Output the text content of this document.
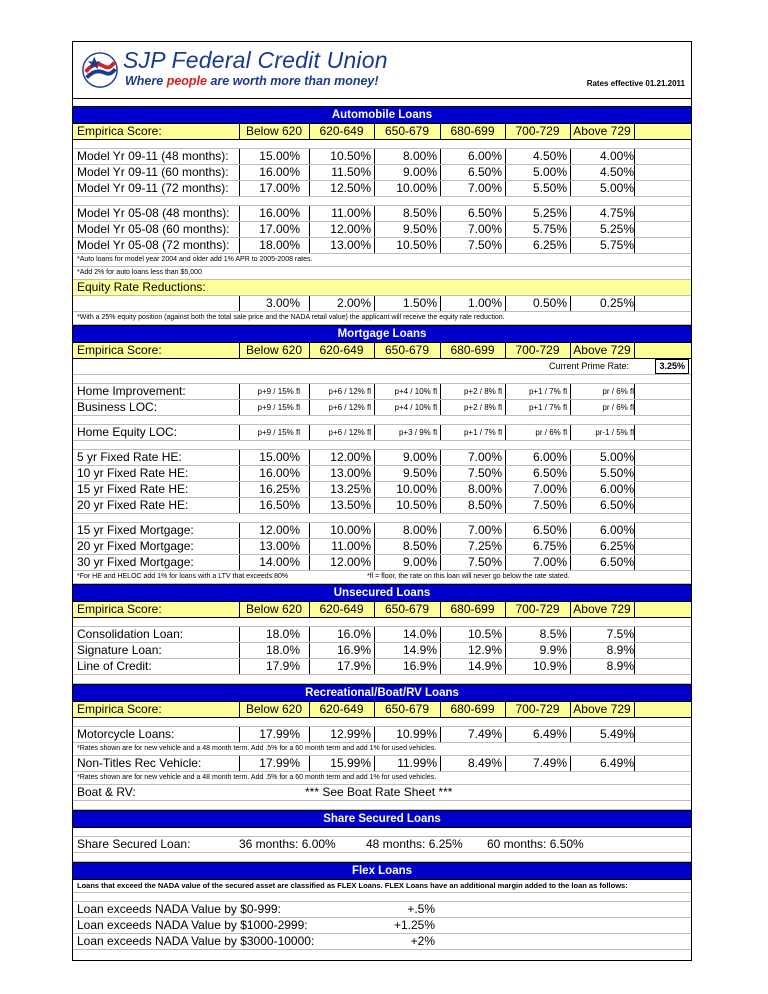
SJP Federal Credit Union
Where people are worth more than money!	Rates effective 01.21.2011
Automobile Loans
Empirica Score:	Below 620	620-649	650-679	680-699	700-729	Above 729
Model Yr 09-11 (48 months):	15.00%	10.50%	8.00%	6.00%	4.50%	4.00%
Model Yr 09-11 (60 months):	16.00%	11.50%	9.00%	6.50%	5.00%	4.50%
Model Yr 09-11 (72 months):	17.00%	12.50%	10.00%	7.00%	5.50%	5.00%
Model Yr 05-08 (48 months):	16.00%	11.00%	8.50%	6.50%	5.25%	4.75%
Model Yr 05-08 (60 months):	17.00%	12.00%	9.50%	7.00%	5.75%	5.25%
Model Yr 05-08 (72 months):	18.00%	13.00%	10.50%	7.50%	6.25%	5.75%
*Auto loans for model year 2004 and older add 1% APR to 2005-2008 rates.
*Add 2% for auto loans less than $5,000
Equity Rate Reductions:
3.00%	2.00%	1.50%	1.00%	0.50%	0.25%
*With a 25% equity position (against both the total sale price and the NADA retail value) the applicant will receive the equity rate reduction.
Mortgage Loans
Empirica Score:	Below 620	620-649	650-679	680-699	700-729	Above 729
Current Prime Rate:	3.25%
Home Improvement:	p+9 / 15% fl	p+6 / 12% fl	p+4 / 10% fl	p+2 / 8% fl	p+1 / 7% fl	pr / 6% fl
Business LOC:	p+9 / 15% fl	p+6 / 12% fl	p+4 / 10% fl	p+2 / 8% fl	p+1 / 7% fl	pr / 6% fl
Home Equity LOC:	p+9 / 15% fl	p+6 / 12% fl	p+3 / 9% fl	p+1 / 7% fl	pr / 6% fl	pr-1 / 5% fl
5 yr Fixed Rate HE:	15.00%	12.00%	9.00%	7.00%	6.00%	5.00%
10 yr Fixed Rate HE:	16.00%	13.00%	9.50%	7.50%	6.50%	5.50%
15 yr Fixed Rate HE:	16.25%	13.25%	10.00%	8.00%	7.00%	6.00%
20 yr Fixed Rate HE:	16.50%	13.50%	10.50%	8.50%	7.50%	6.50%
15 yr Fixed Mortgage:	12.00%	10.00%	8.00%	7.00%	6.50%	6.00%
20 yr Fixed Mortgage:	13.00%	11.00%	8.50%	7.25%	6.75%	6.25%
30 yr Fixed Mortgage:	14.00%	12.00%	9.00%	7.50%	7.00%	6.50%
*For HE and HELOC add 1% for loans with a LTV that exceeds 80%	*fl = floor, the rate on this loan will never go below the rate stated.
Unsecured Loans
Empirica Score:	Below 620	620-649	650-679	680-699	700-729	Above 729
Consolidation Loan:	18.0%	16.0%	14.0%	10.5%	8.5%	7.5%
Signature Loan:	18.0%	16.9%	14.9%	12.9%	9.9%	8.9%
Line of Credit:	17.9%	17.9%	16.9%	14.9%	10.9%	8.9%
Recreational/Boat/RV Loans
Empirica Score:	Below 620	620-649	650-679	680-699	700-729	Above 729
Motorcycle Loans:	17.99%	12.99%	10.99%	7.49%	6.49%	5.49%
*Rates shown are for new vehicle and a 48 month term. Add .5% for a 60 month term and add 1% for used vehicles.
Non-Titles Rec Vehicle:	17.99%	15.99%	11.99%	8.49%	7.49%	6.49%
*Rates shown are for new vehicle and a 48 month term. Add .5% for a 60 month term and add 1% for used vehicles.
Boat & RV:	*** See Boat Rate Sheet ***
Share Secured Loans
Share Secured Loan:	36 months: 6.00%	48 months: 6.25% 60 months: 6.50%
Flex Loans
Loans that exceed the NADA value of the secured asset are classified as FLEX Loans. FLEX Loans have an additional margin added to the loan as follows:
Loan exceeds NADA Value by $0-999:	+.5%
Loan exceeds NADA Value by $1000-2999:	+1.25%
Loan exceeds NADA Value by $3000-10000:	+2%
